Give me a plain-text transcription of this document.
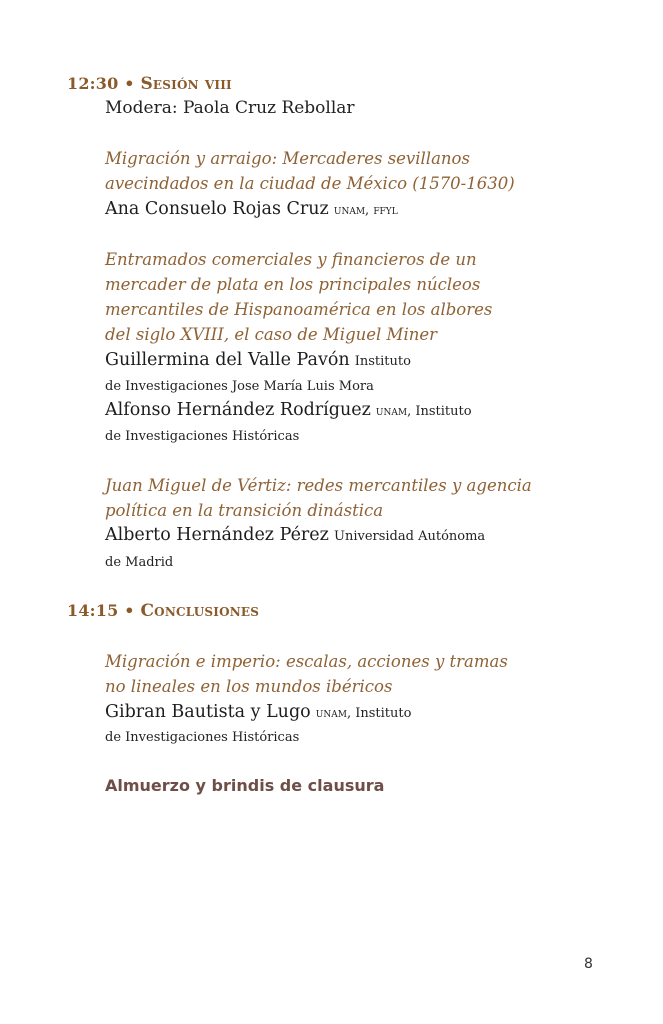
12:30 • Sesión viii
Modera: Paola Cruz Rebollar
Migración y arraigo: Mercaderes sevillanos
avecindados en la ciudad de México (1570-1630)
Ana Consuelo Rojas Cruz unam, ffyl
Entramados comerciales y financieros de un
mercader de plata en los principales núcleos
mercantiles de Hispanoamérica en los albores
del siglo XVIII, el caso de Miguel Miner
Guillermina del Valle Pavón Instituto
de Investigaciones Jose María Luis Mora
Alfonso Hernández Rodríguez unam, Instituto
de Investigaciones Históricas
Juan Miguel de Vértiz: redes mercantiles y agencia
política en la transición dinástica
Alberto Hernández Pérez Universidad Autónoma
de Madrid
14:15 • Conclusiones
Migración e imperio: escalas, acciones y tramas
no lineales en los mundos ibéricos
Gibran Bautista y Lugo unam, Instituto
de Investigaciones Históricas
Almuerzo y brindis de clausura
8
